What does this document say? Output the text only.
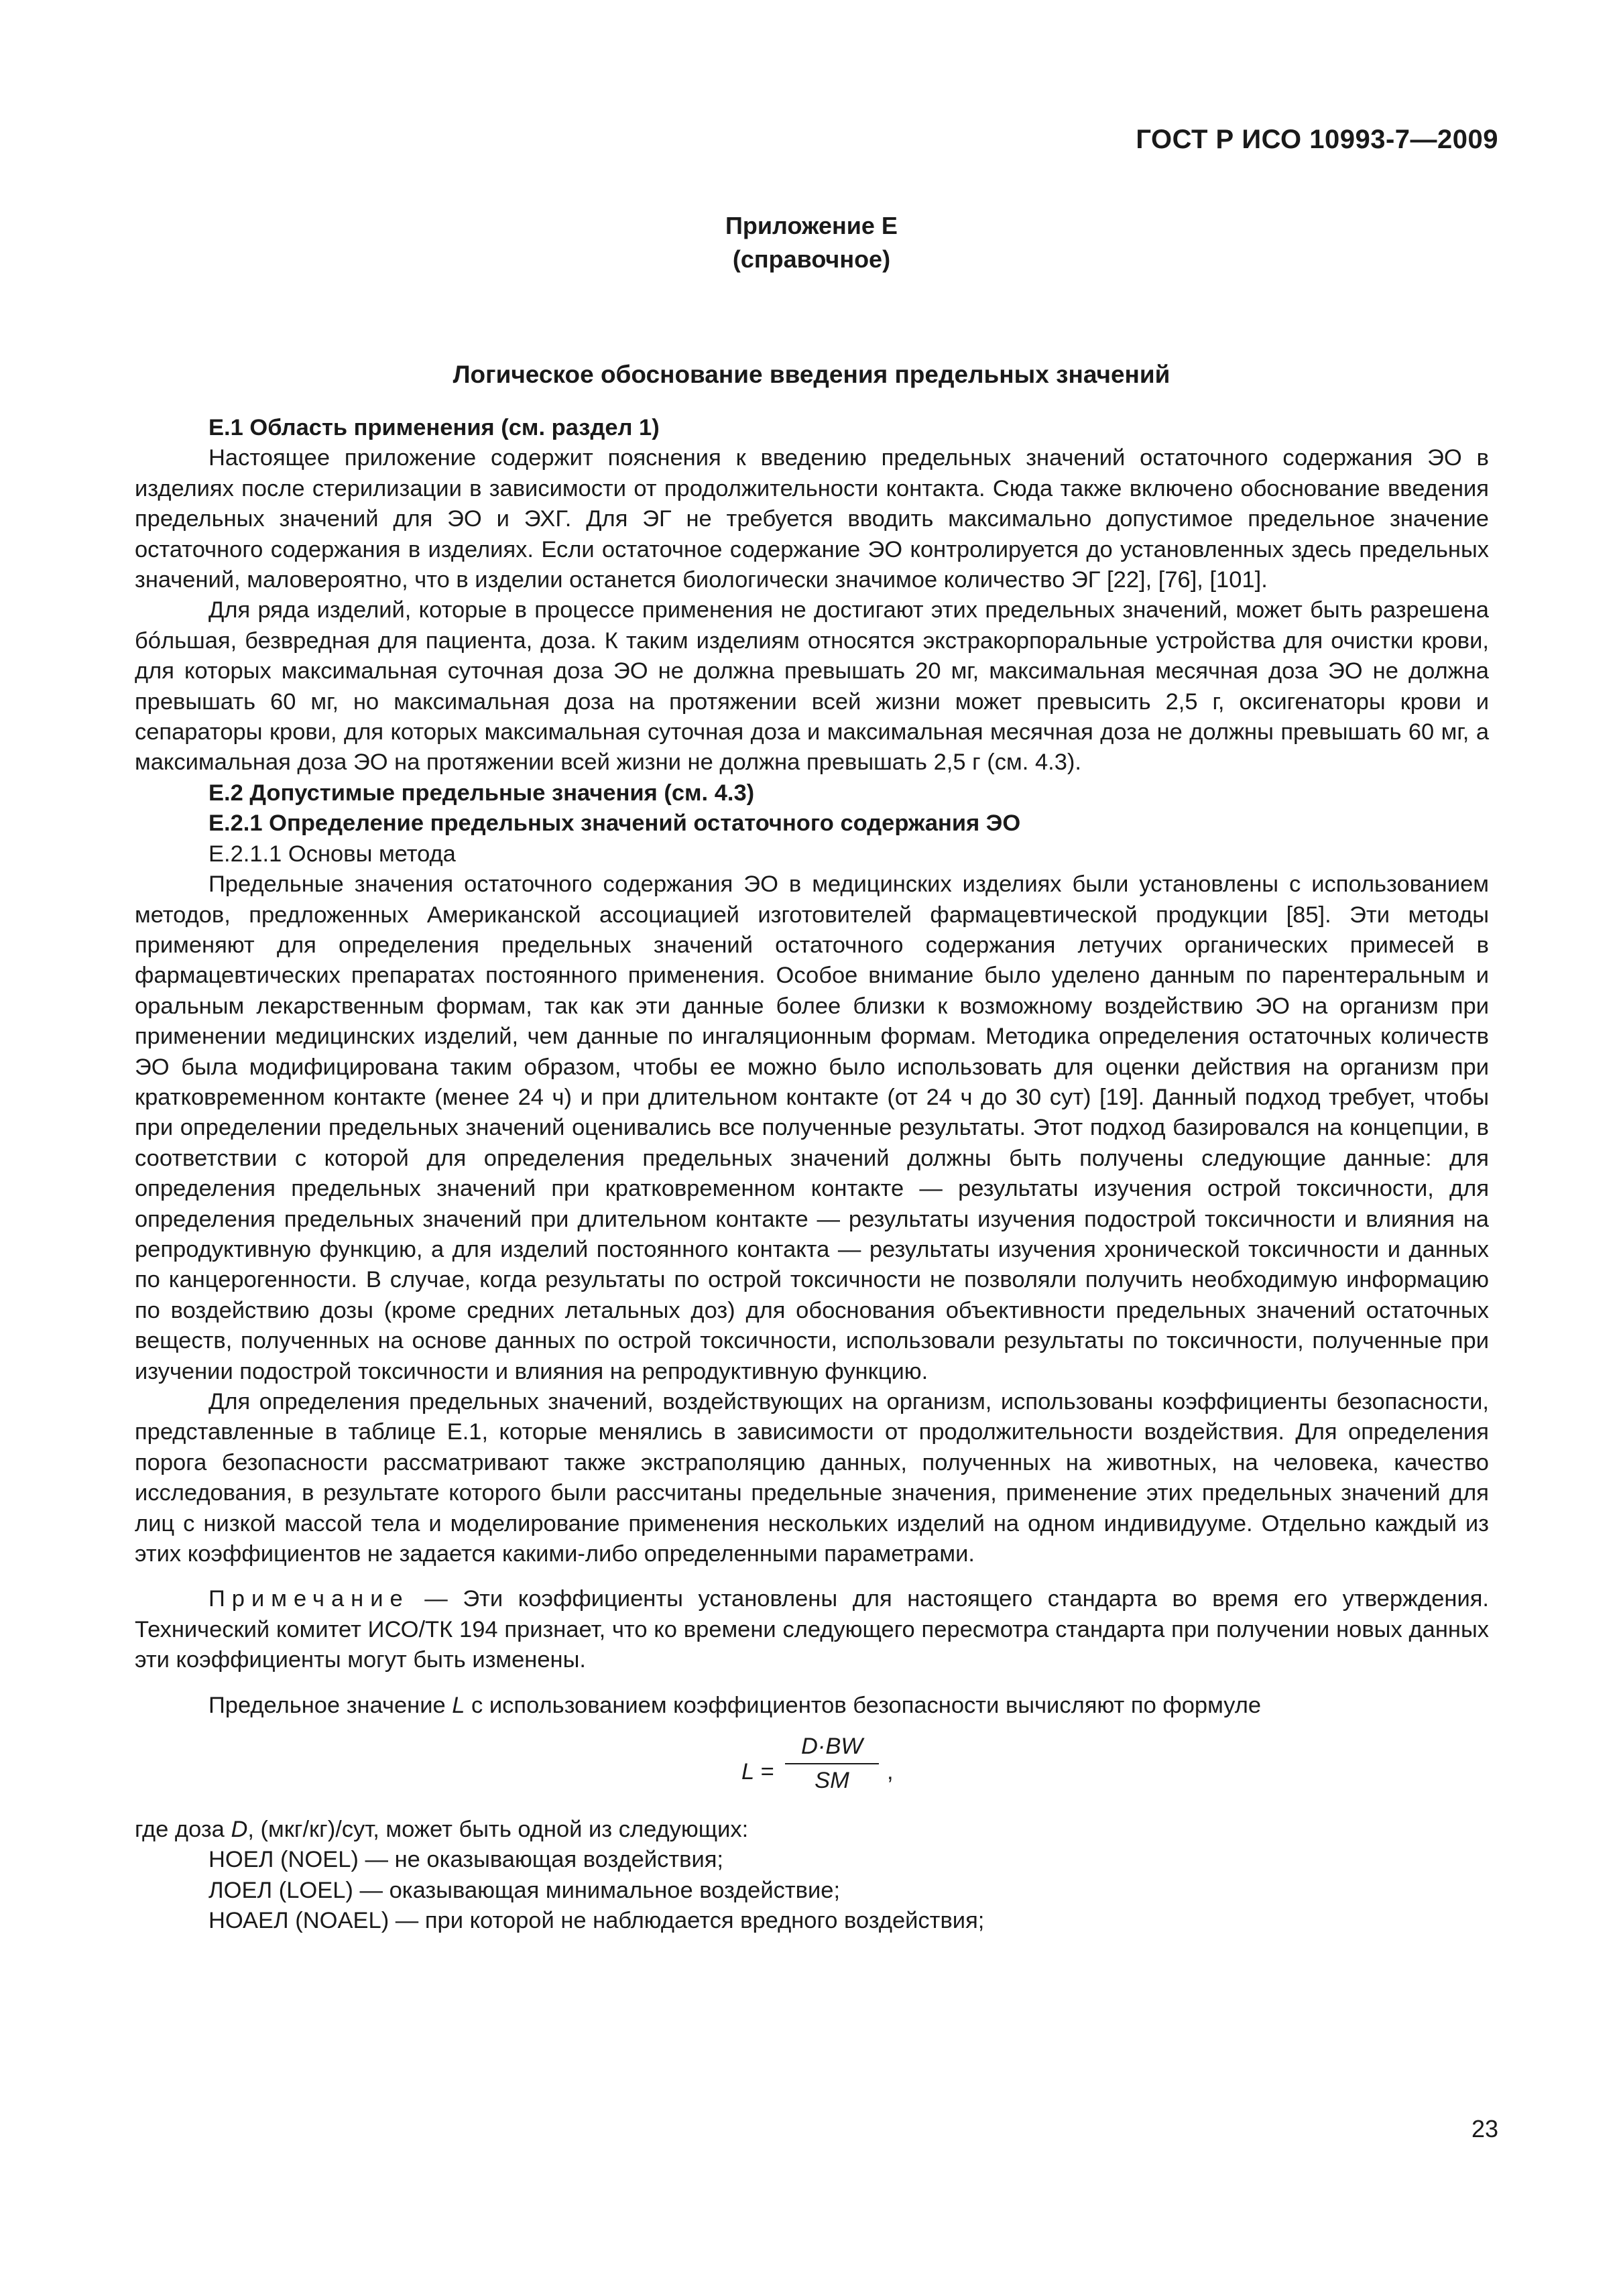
ГОСТ Р ИСО 10993-7—2009
Приложение Е
(справочное)
Логическое обоснование введения предельных значений

Е.1 Область применения (см. раздел 1)

Настоящее приложение содержит пояснения к введению предельных значений остаточного содержания ЭО в изделиях после стерилизации в зависимости от продолжительности контакта. Сюда также включено обоснование введения предельных значений для ЭО и ЭХГ. Для ЭГ не требуется вводить максимально допустимое предельное значение остаточного содержания в изделиях. Если остаточное содержание ЭО контролируется до установленных здесь предельных значений, маловероятно, что в изделии останется биологически значимое количество ЭГ [22], [76], [101].

Для ряда изделий, которые в процессе применения не достигают этих предельных значений, может быть разрешена бóльшая, безвредная для пациента, доза. К таким изделиям относятся экстракорпоральные устройства для очистки крови, для которых максимальная суточная доза ЭО не должна превышать 20 мг, максимальная месячная доза ЭО не должна превышать 60 мг, но максимальная доза на протяжении всей жизни может превысить 2,5 г, оксигенаторы крови и сепараторы крови, для которых максимальная суточная доза и максимальная месячная доза не должны превышать 60 мг, а максимальная доза ЭО на протяжении всей жизни не должна превышать 2,5 г (см. 4.3).

Е.2 Допустимые предельные значения (см. 4.3)

Е.2.1 Определение предельных значений остаточного содержания ЭО

Е.2.1.1 Основы метода

Предельные значения остаточного содержания ЭО в медицинских изделиях были установлены с использованием методов, предложенных Американской ассоциацией изготовителей фармацевтической продукции [85]. Эти методы применяют для определения предельных значений остаточного содержания летучих органических примесей в фармацевтических препаратах постоянного применения. Особое внимание было уделено данным по парентеральным и оральным лекарственным формам, так как эти данные более близки к возможному воздействию ЭО на организм при применении медицинских изделий, чем данные по ингаляционным формам. Методика определения остаточных количеств ЭО была модифицирована таким образом, чтобы ее можно было использовать для оценки действия на организм при кратковременном контакте (менее 24 ч) и при длительном контакте (от 24 ч до 30 сут) [19]. Данный подход требует, чтобы при определении предельных значений оценивались все полученные результаты. Этот подход базировался на концепции, в соответствии с которой для определения предельных значений должны быть получены следующие данные: для определения предельных значений при кратковременном контакте — результаты изучения острой токсичности, для определения предельных значений при длительном контакте — результаты изучения подострой токсичности и влияния на репродуктивную функцию, а для изделий постоянного контакта — результаты изучения хронической токсичности и данных по канцерогенности. В случае, когда результаты по острой токсичности не позволяли получить необходимую информацию по воздействию дозы (кроме средних летальных доз) для обоснования объективности предельных значений остаточных веществ, полученных на основе данных по острой токсичности, использовали результаты по токсичности, полученные при изучении подострой токсичности и влияния на репродуктивную функцию.

Для определения предельных значений, воздействующих на организм, использованы коэффициенты безопасности, представленные в таблице Е.1, которые менялись в зависимости от продолжительности воздействия. Для определения порога безопасности рассматривают также экстраполяцию данных, полученных на животных, на человека, качество исследования, в результате которого были рассчитаны предельные значения, применение этих предельных значений для лиц с низкой массой тела и моделирование применения нескольких изделий на одном индивидууме. Отдельно каждый из этих коэффициентов не задается какими-либо определенными параметрами.

Примечание — Эти коэффициенты установлены для настоящего стандарта во время его утверждения. Технический комитет ИСО/ТК 194 признает, что ко времени следующего пересмотра стандарта при получении новых данных эти коэффициенты могут быть изменены.

Предельное значение L с использованием коэффициентов безопасности вычисляют по формуле

$L = \frac{D\cdot BW}{SM}$ ,

где доза D, (мкг/кг)/сут, может быть одной из следующих:

НОЕЛ (NOEL) — не оказывающая воздействия;

ЛОЕЛ (LOEL) — оказывающая минимальное воздействие;

НОАЕЛ (NOAEL) — при которой не наблюдается вредного воздействия;

23
